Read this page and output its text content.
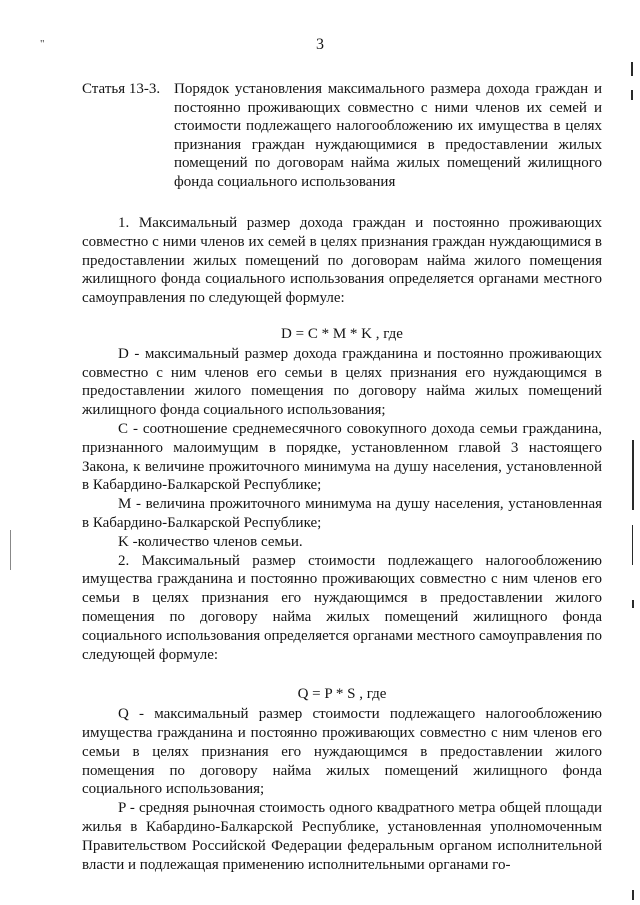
"	3
Статья 13-3. Порядок установления максимального размера дохода граждан и постоянно проживающих совместно с ними членов их семей и стоимости подлежащего налогообложению их имущества в целях признания граждан нуждающимися в предоставлении жилых помещений по договорам найма жилых помещений жилищного фонда социального использования

1. Максимальный размер дохода граждан и постоянно проживающих совместно с ними членов их семей в целях признания граждан нуждающимися в предоставлении жилых помещений по договорам найма жилого помещения жилищного фонда социального использования определяется органами местного самоуправления по следующей формуле:

D = C * M * K , где

D - максимальный размер дохода гражданина и постоянно проживающих совместно с ним членов его семьи в целях признания его нуждающимся в предоставлении жилого помещения по договору найма жилых помещений жилищного фонда социального использования;

C - соотношение среднемесячного совокупного дохода семьи гражданина, признанного малоимущим в порядке, установленном главой 3 настоящего Закона, к величине прожиточного минимума на душу населения, установленной в Кабардино-Балкарской Республике;

М - величина прожиточного минимума на душу населения, установленная в Кабардино-Балкарской Республике;

K -количество членов семьи.

2. Максимальный размер стоимости подлежащего налогообложению имущества гражданина и постоянно проживающих совместно с ним членов его семьи в целях признания его нуждающимся в предоставлении жилого помещения по договору найма жилых помещений жилищного фонда социального использования определяется органами местного самоуправления по следующей формуле:

Q = P * S , где

Q - максимальный размер стоимости подлежащего налогообложению имущества гражданина и постоянно проживающих совместно с ним членов его семьи в целях признания его нуждающимся в предоставлении жилого помещения по договору найма жилых помещений жилищного фонда социального использования;

P - средняя рыночная стоимость одного квадратного метра общей площади жилья в Кабардино-Балкарской Республике, установленная уполномоченным Правительством Российской Федерации федеральным органом исполнительной власти и подлежащая применению исполнительными органами го-
